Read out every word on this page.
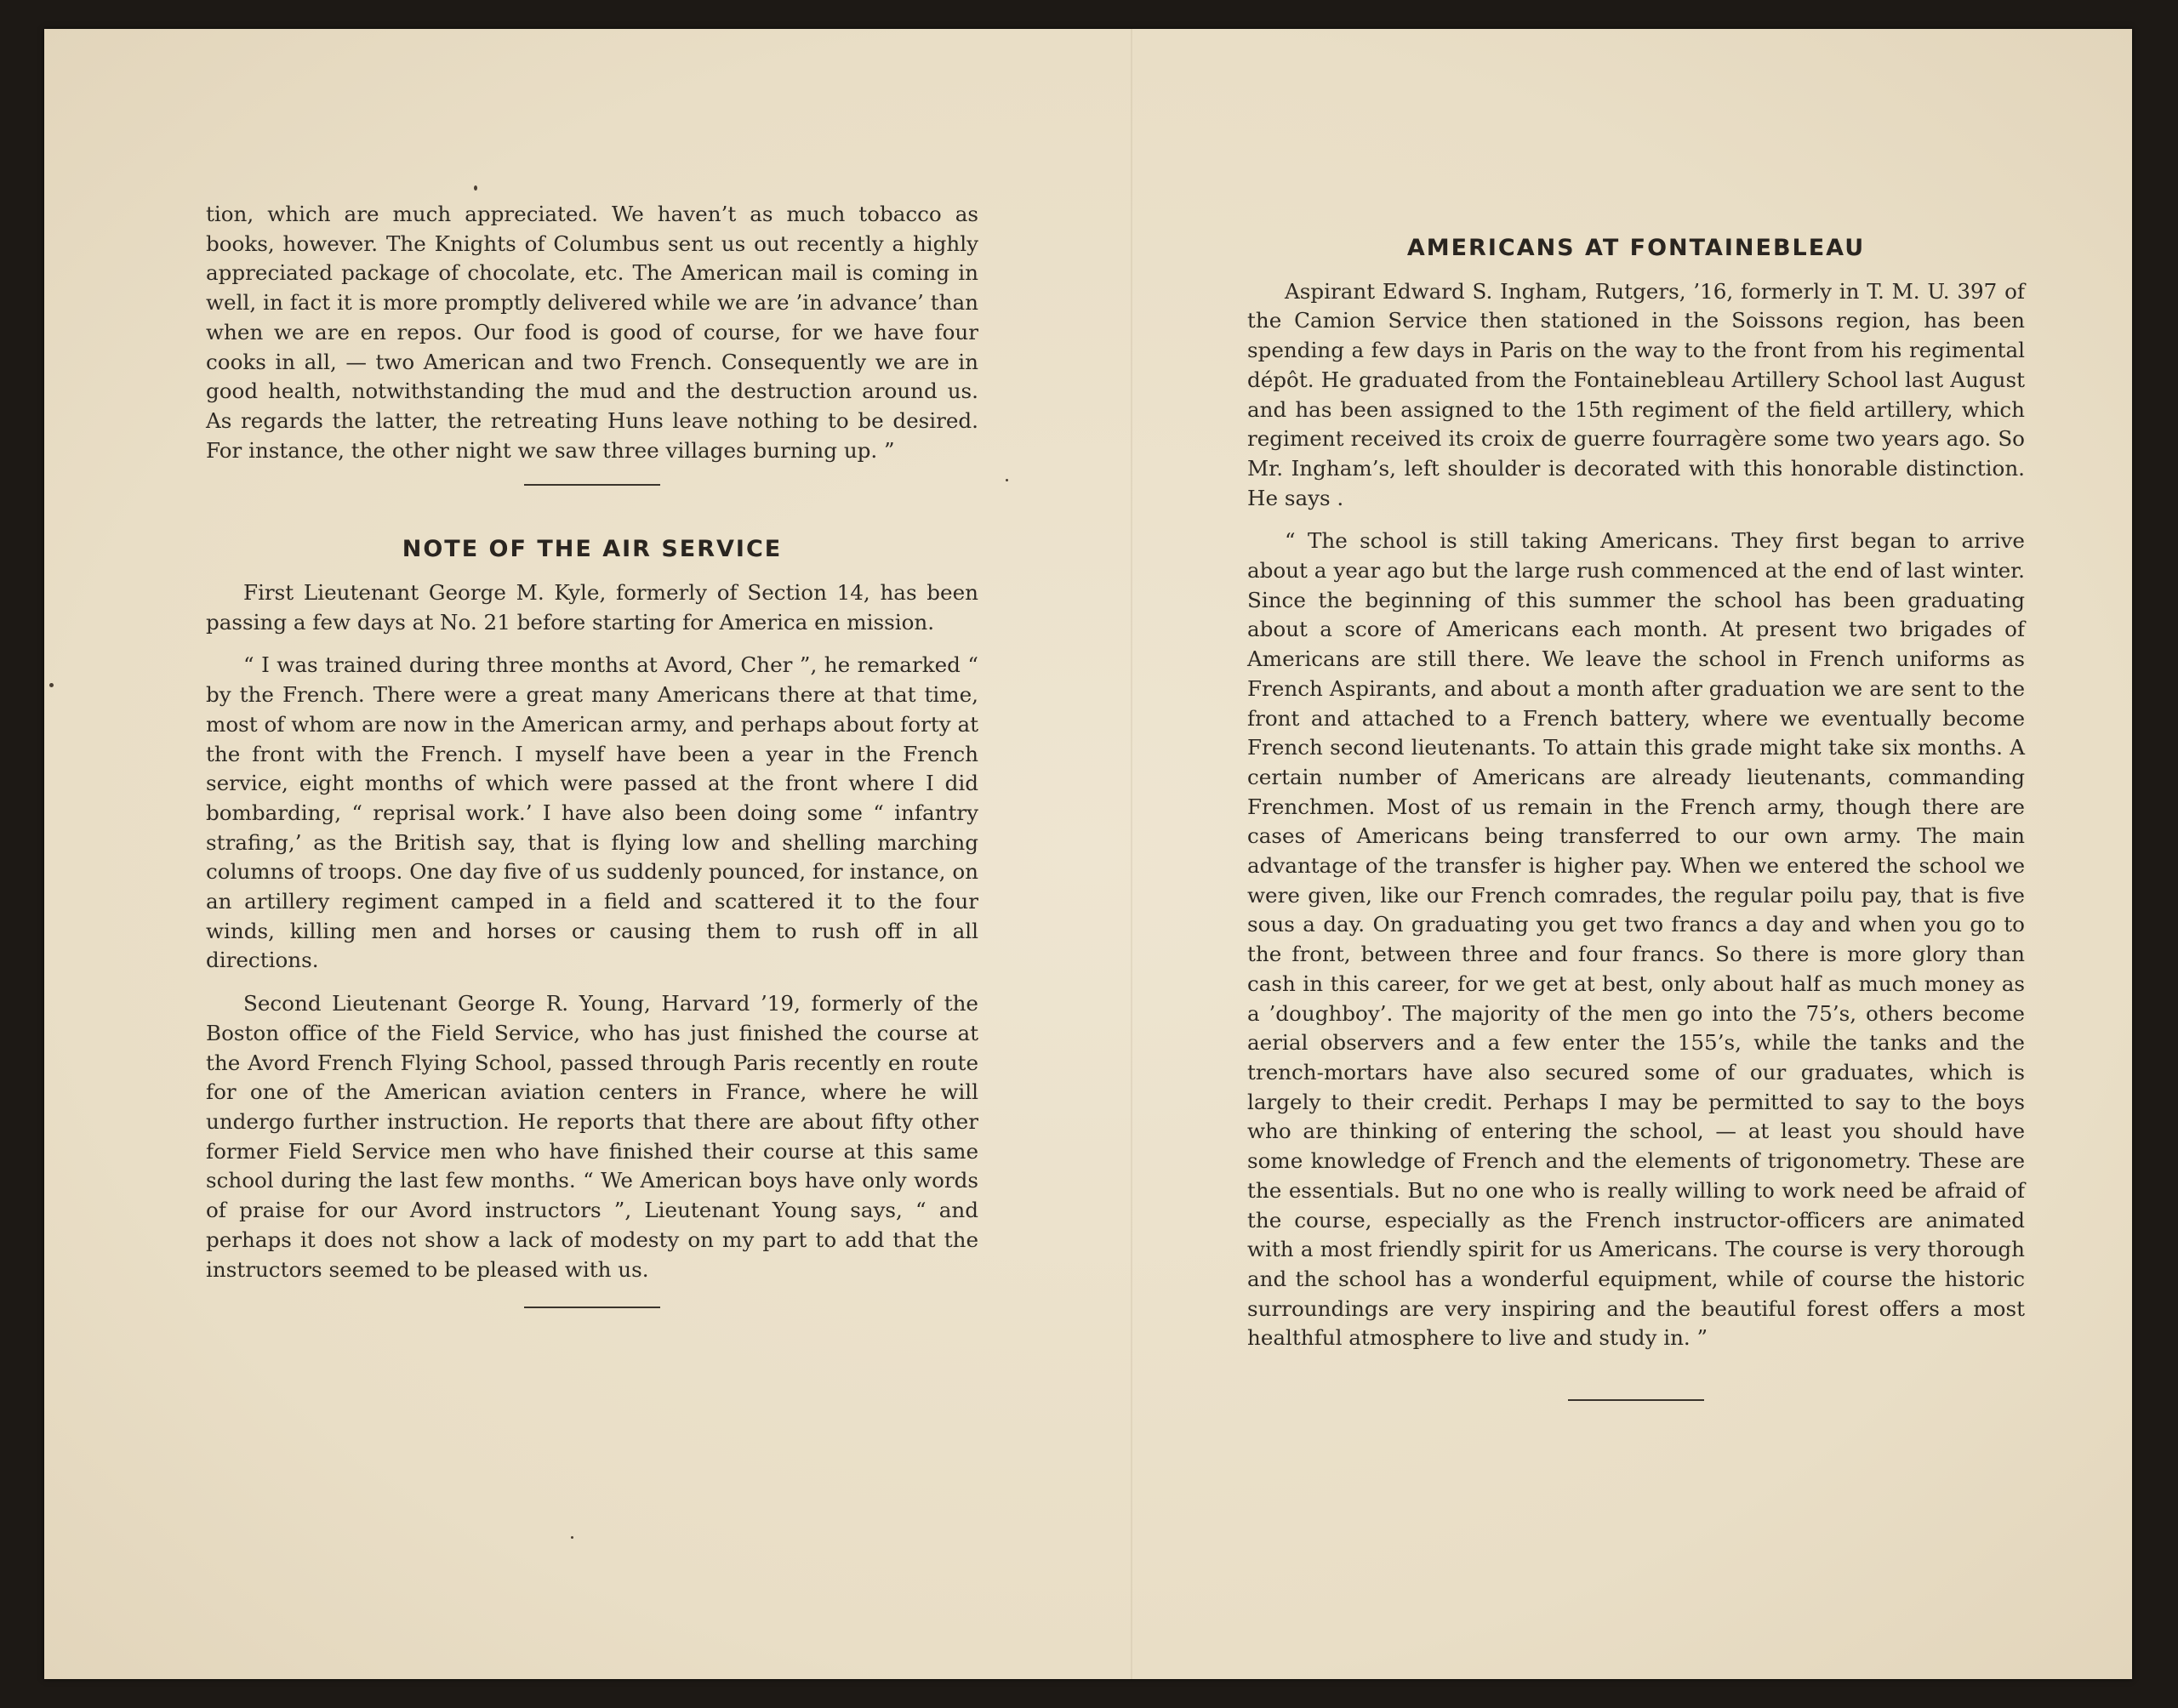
tion, which are much appreciated. We haven’t as much tobacco as books, however. The Knights of Columbus sent us out recently a highly appreciated package of chocolate, etc. The American mail is coming in well, in fact it is more promptly delivered while we are ’in advance’ than when we are en repos. Our food is good of course, for we have four cooks in all, — two American and two French. Consequently we are in good health, notwithstanding the mud and the destruction around us. As regards the latter, the retreating Huns leave nothing to be desired. For instance, the other night we saw three villages burning up. ”

NOTE OF THE AIR SERVICE

First Lieutenant George M. Kyle, formerly of Section 14, has been passing a few days at No. 21 before starting for America en mission.

“ I was trained during three months at Avord, Cher ”, he remarked “ by the French. There were a great many Americans there at that time, most of whom are now in the American army, and perhaps about forty at the front with the French. I myself have been a year in the French service, eight months of which were passed at the front where I did bombarding, “ reprisal work.’ I have also been doing some “ infantry strafing,’ as the British say, that is flying low and shelling marching columns of troops. One day five of us suddenly pounced, for instance, on an artillery regiment camped in a field and scattered it to the four winds, killing men and horses or causing them to rush off in all directions.

Second Lieutenant George R. Young, Harvard ’19, formerly of the Boston office of the Field Service, who has just finished the course at the Avord French Flying School, passed through Paris recently en route for one of the American aviation centers in France, where he will undergo further instruction. He reports that there are about fifty other former Field Service men who have finished their course at this same school during the last few months. “ We American boys have only words of praise for our Avord instructors ”, Lieutenant Young says, “ and perhaps it does not show a lack of modesty on my part to add that the instructors seemed to be pleased with us.

AMERICANS AT FONTAINEBLEAU

Aspirant Edward S. Ingham, Rutgers, ’16, formerly in T. M. U. 397 of the Camion Service then stationed in the Soissons region, has been spending a few days in Paris on the way to the front from his regimental dépôt. He graduated from the Fontainebleau Artillery School last August and has been assigned to the 15th regiment of the field artillery, which regiment received its croix de guerre fourragère some two years ago. So Mr. Ingham’s, left shoulder is decorated with this honorable distinction. He says .

“ The school is still taking Americans. They first began to arrive about a year ago but the large rush commenced at the end of last winter. Since the beginning of this summer the school has been graduating about a score of Americans each month. At present two brigades of Americans are still there. We leave the school in French uniforms as French Aspirants, and about a month after graduation we are sent to the front and attached to a French battery, where we eventually become French second lieutenants. To attain this grade might take six months. A certain number of Americans are already lieutenants, commanding Frenchmen. Most of us remain in the French army, though there are cases of Americans being transferred to our own army. The main advantage of the transfer is higher pay. When we entered the school we were given, like our French comrades, the regular poilu pay, that is five sous a day. On graduating you get two francs a day and when you go to the front, between three and four francs. So there is more glory than cash in this career, for we get at best, only about half as much money as a ’doughboy’. The majority of the men go into the 75’s, others become aerial observers and a few enter the 155’s, while the tanks and the trench-mortars have also secured some of our graduates, which is largely to their credit. Perhaps I may be permitted to say to the boys who are thinking of entering the school, — at least you should have some knowledge of French and the elements of trigonometry. These are the essentials. But no one who is really willing to work need be afraid of the course, especially as the French instructor-officers are animated with a most friendly spirit for us Americans. The course is very thorough and the school has a wonderful equipment, while of course the historic surroundings are very inspiring and the beautiful forest offers a most healthful atmosphere to live and study in. ”
